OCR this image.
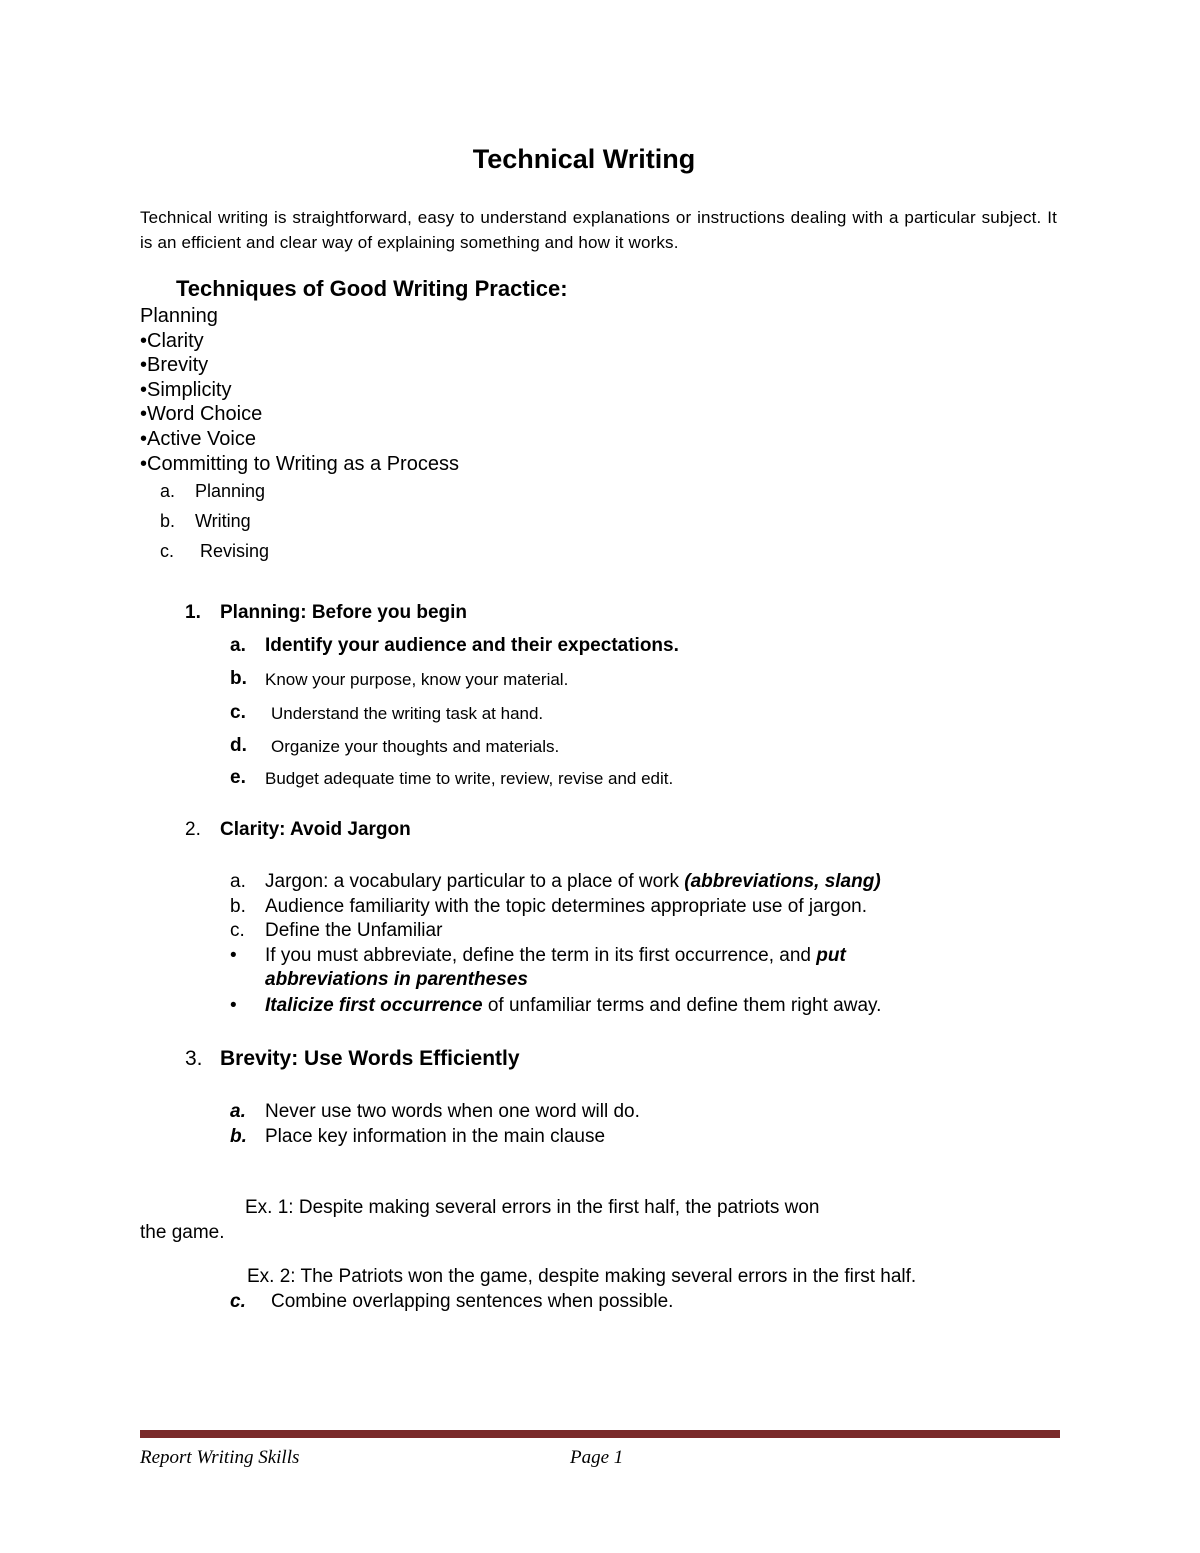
Technical Writing
Technical writing is straightforward, easy to understand explanations or instructions dealing with a particular subject. It is an efficient and clear way of explaining something and how it works.
Techniques of Good Writing Practice:
Planning
•Clarity
•Brevity
•Simplicity
•Word Choice
•Active Voice
•Committing to Writing as a Process
a. Planning
b. Writing
c. Revising
1. Planning: Before you begin
a. Identify your audience and their expectations.
b. Know your purpose, know your material.
c. Understand the writing task at hand.
d. Organize your thoughts and materials.
e. Budget adequate time to write, review, revise and edit.
2. Clarity: Avoid Jargon
a. Jargon: a vocabulary particular to a place of work (abbreviations, slang)
b. Audience familiarity with the topic determines appropriate use of jargon.
c. Define the Unfamiliar
• If you must abbreviate, define the term in its first occurrence, and put
abbreviations in parentheses
• Italicize first occurrence of unfamiliar terms and define them right away.
3. Brevity: Use Words Efficiently
a. Never use two words when one word will do.
b. Place key information in the main clause
Ex. 1: Despite making several errors in the first half, the patriots won
the game.
Ex. 2: The Patriots won the game, despite making several errors in the first half.
c. Combine overlapping sentences when possible.
Report Writing Skills	Page 1
